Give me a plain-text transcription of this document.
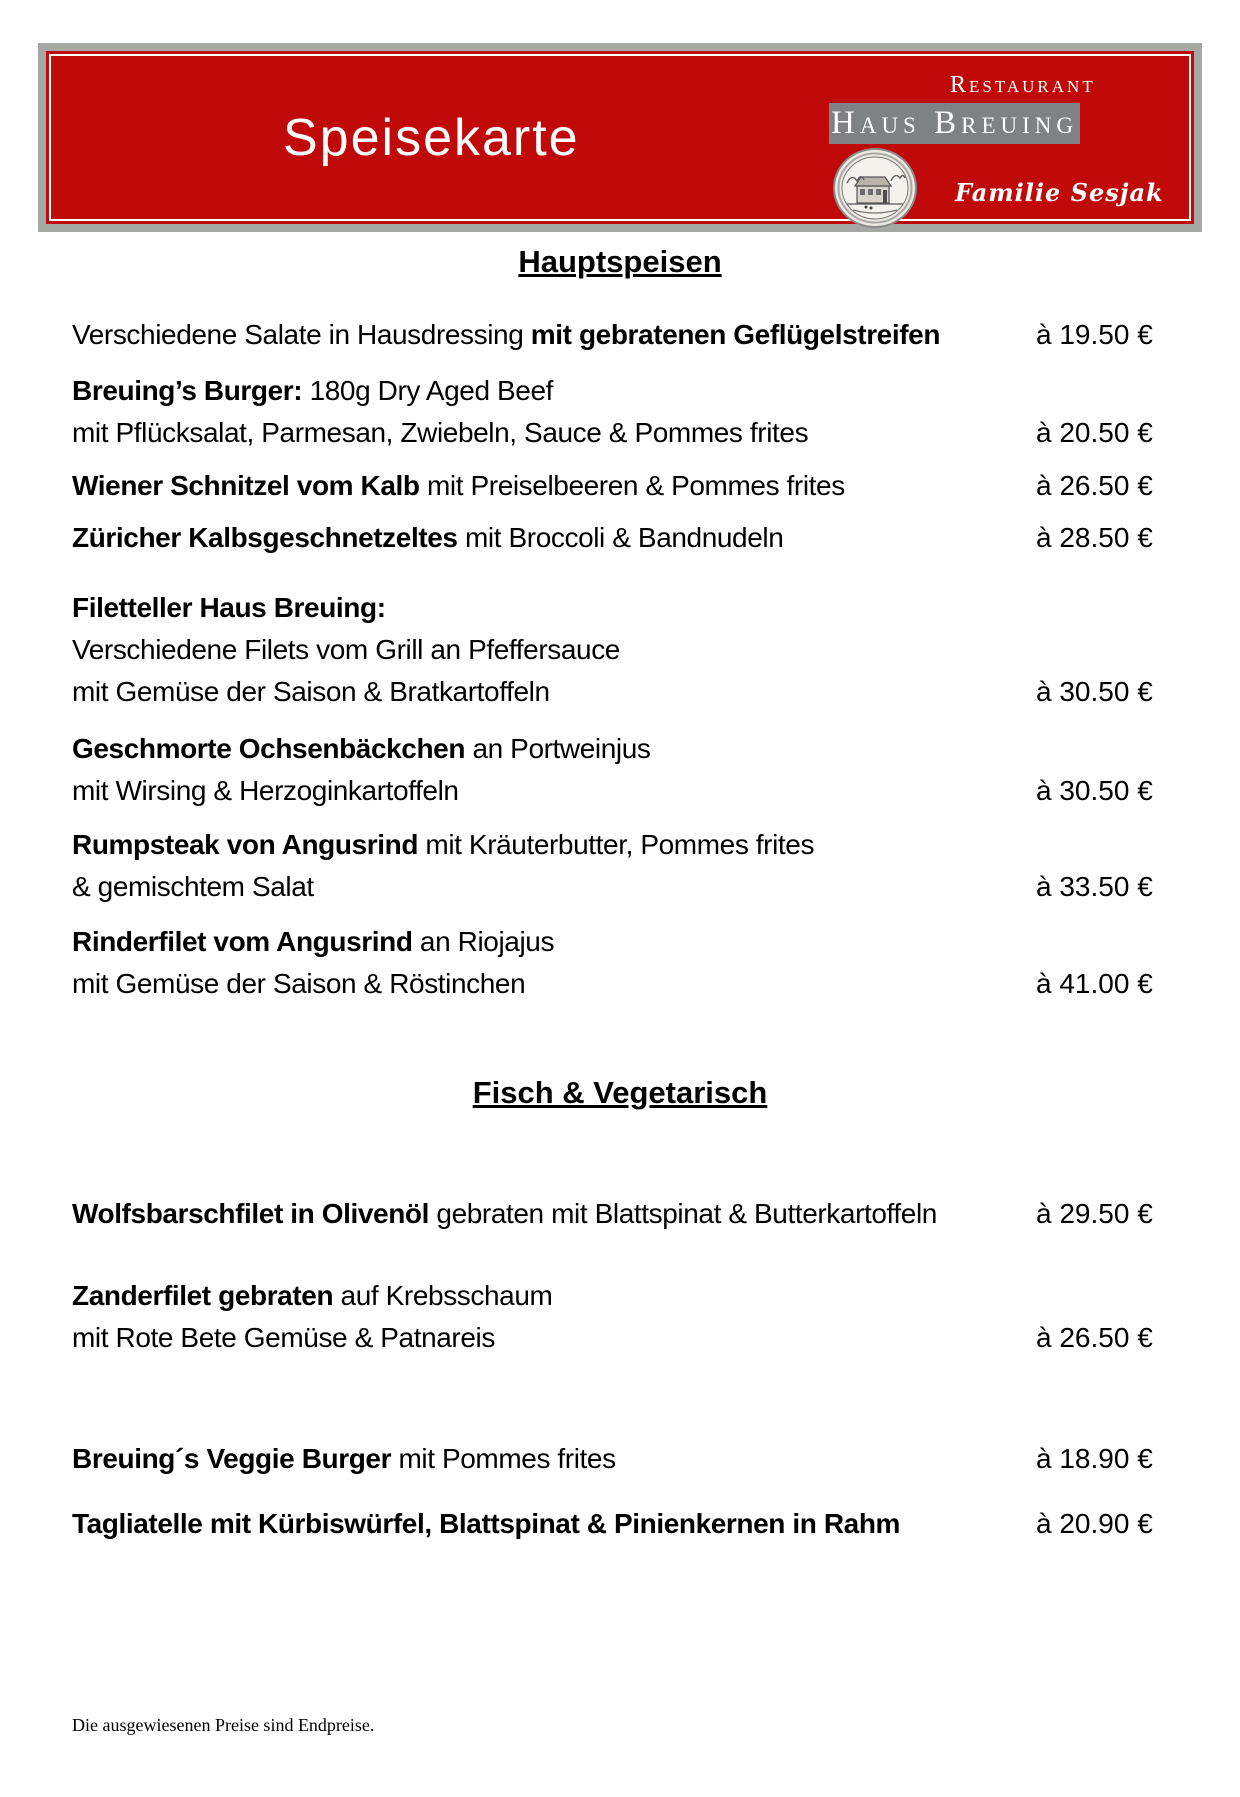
Speisekarte
Restaurant
Haus Breuing
Familie Sesjak
Hauptspeisen
Verschiedene Salate in Hausdressing mit gebratenen Geflügelstreifen	à 19.50 €
Breuing’s Burger: 180g Dry Aged Beef
mit Pflücksalat, Parmesan, Zwiebeln, Sauce & Pommes frites	à 20.50 €
Wiener Schnitzel vom Kalb mit Preiselbeeren & Pommes frites	à 26.50 €
Züricher Kalbsgeschnetzeltes mit Broccoli & Bandnudeln	à 28.50 €
Filetteller Haus Breuing:
Verschiedene Filets vom Grill an Pfeffersauce
mit Gemüse der Saison & Bratkartoffeln	à 30.50 €
Geschmorte Ochsenbäckchen an Portweinjus
mit Wirsing & Herzoginkartoffeln	à 30.50 €
Rumpsteak von Angusrind mit Kräuterbutter, Pommes frites
& gemischtem Salat	à 33.50 €
Rinderfilet vom Angusrind an Riojajus
mit Gemüse der Saison & Röstinchen	à 41.00 €
Fisch & Vegetarisch
Wolfsbarschfilet in Olivenöl gebraten mit Blattspinat & Butterkartoffeln	à 29.50 €
Zanderfilet gebraten auf Krebsschaum
mit Rote Bete Gemüse & Patnareis	à 26.50 €
Breuing´s Veggie Burger mit Pommes frites	à 18.90 €
Tagliatelle mit Kürbiswürfel, Blattspinat & Pinienkernen in Rahm	à 20.90 €
Die ausgewiesenen Preise sind Endpreise.
